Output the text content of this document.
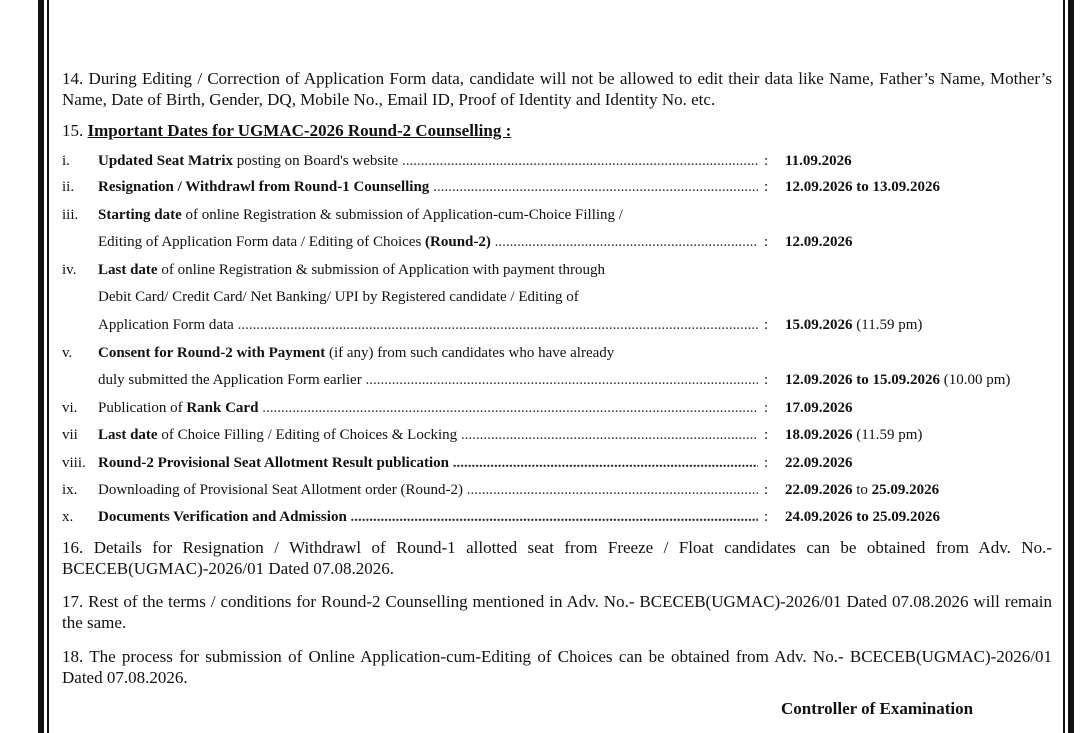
14. During Editing / Correction of Application Form data, candidate will not be allowed to edit their data like Name, Father’s Name, Mother’s Name, Date of Birth, Gender, DQ, Mobile No., Email ID, Proof of Identity and Identity No. etc.

15. Important Dates for UGMAC-2026 Round-2 Counselling :

i. Updated Seat Matrix posting on Board's website .....	: 11.09.2026
ii. Resignation / Withdrawl from Round-1 Counselling .....	: 12.09.2026 to 13.09.2026
iii. Starting date of online Registration & submission of Application-cum-Choice Filling /
Editing of Application Form data / Editing of Choices (Round-2) .....	: 12.09.2026
iv. Last date of online Registration & submission of Application with payment through
Debit Card/ Credit Card/ Net Banking/ UPI by Registered candidate / Editing of
Application Form data .....	: 15.09.2026 (11.59 pm)
v. Consent for Round-2 with Payment (if any) from such candidates who have already
duly submitted the Application Form earlier .....	: 12.09.2026 to 15.09.2026 (10.00 pm)
vi. Publication of Rank Card .....	: 17.09.2026
vii Last date of Choice Filling / Editing of Choices & Locking .....	: 18.09.2026 (11.59 pm)
viii. Round-2 Provisional Seat Allotment Result publication .....	: 22.09.2026
ix. Downloading of Provisional Seat Allotment order (Round-2) .....	: 22.09.2026 to 25.09.2026
x. Documents Verification and Admission .....	: 24.09.2026 to 25.09.2026

16. Details for Resignation / Withdrawl of Round-1 allotted seat from Freeze / Float candidates can be obtained from Adv. No.- BCECEB(UGMAC)-2026/01 Dated 07.08.2026.

17. Rest of the terms / conditions for Round-2 Counselling mentioned in Adv. No.- BCECEB(UGMAC)-2026/01 Dated 07.08.2026 will remain the same.

18. The process for submission of Online Application-cum-Editing of Choices can be obtained from Adv. No.- BCECEB(UGMAC)-2026/01 Dated 07.08.2026.

Controller of Examination
